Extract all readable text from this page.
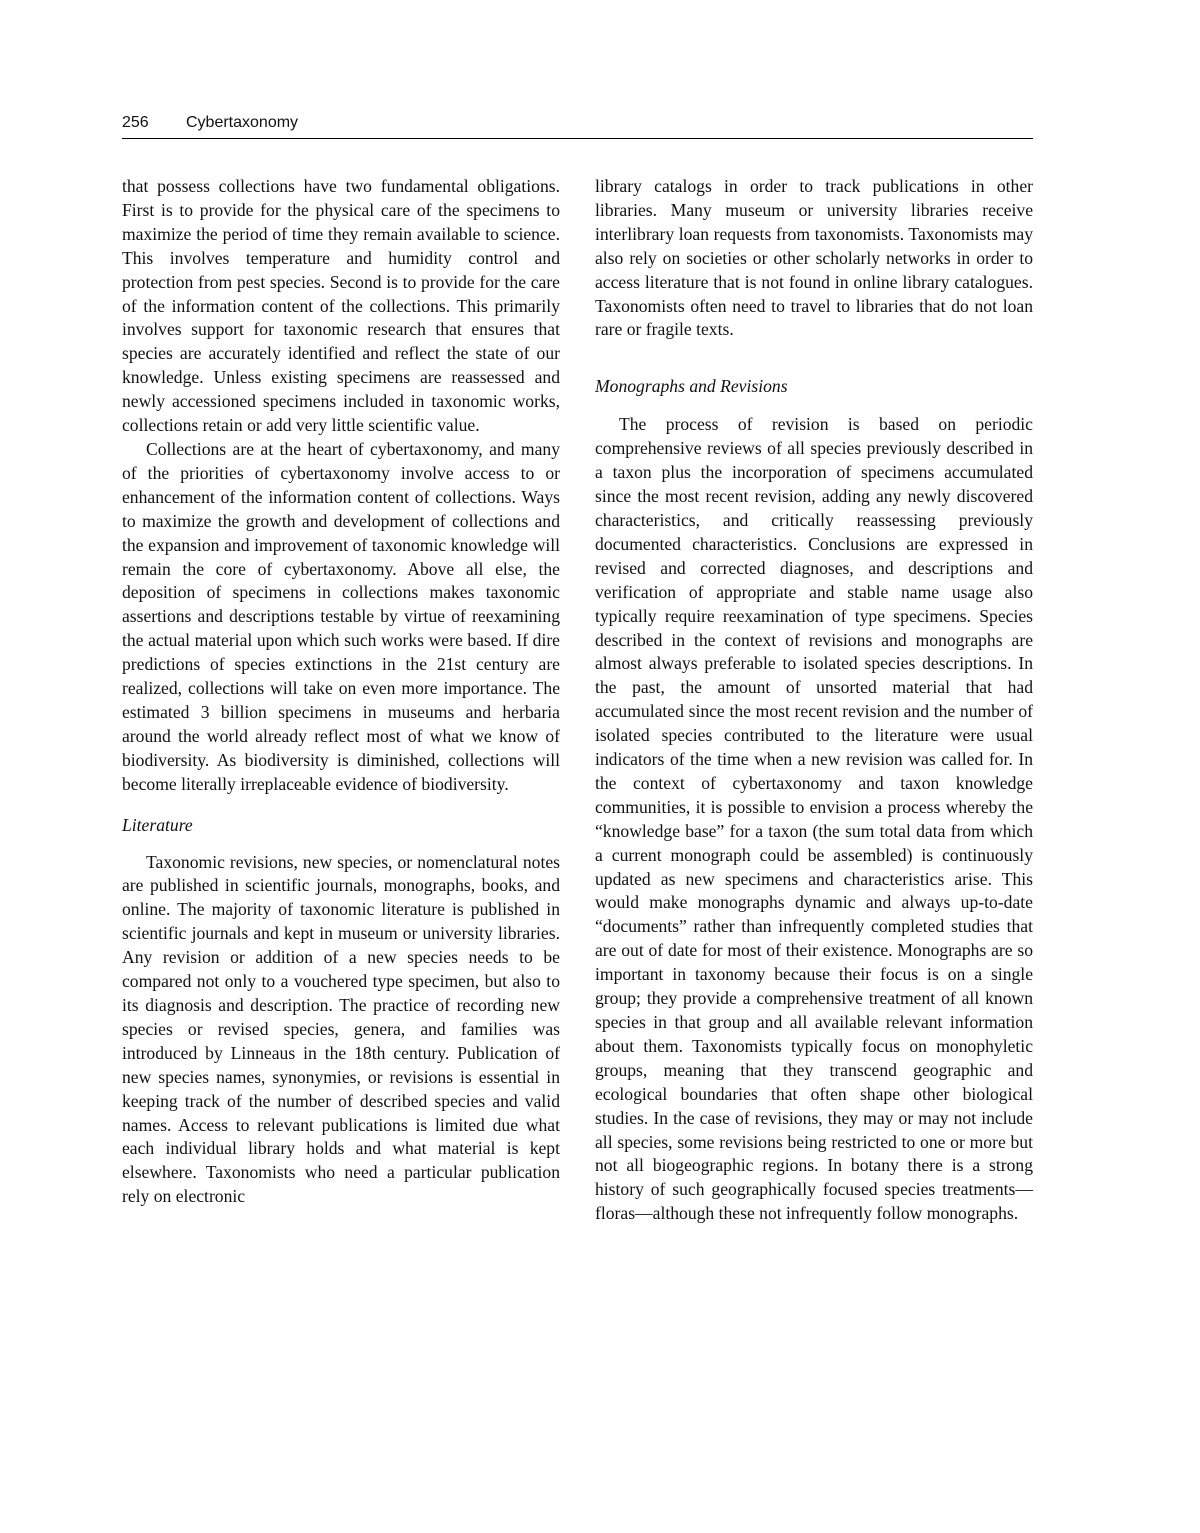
256	Cybertaxonomy

that possess collections have two fundamental obligations. First is to provide for the physical care of the specimens to maximize the period of time they remain available to science. This involves temperature and humidity control and protection from pest species. Second is to provide for the care of the information content of the collections. This primarily involves support for taxonomic research that ensures that species are accurately identified and reflect the state of our knowledge. Unless existing specimens are reassessed and newly accessioned specimens included in taxonomic works, collections retain or add very little scientific value.

Collections are at the heart of cybertaxonomy, and many of the priorities of cybertaxonomy involve access to or enhancement of the information content of collections. Ways to maximize the growth and development of collections and the expansion and improvement of taxonomic knowledge will remain the core of cybertaxonomy. Above all else, the deposition of specimens in collections makes taxonomic assertions and descriptions testable by virtue of reexamining the actual material upon which such works were based. If dire predictions of species extinctions in the 21st century are realized, collections will take on even more importance. The estimated 3 billion specimens in museums and herbaria around the world already reflect most of what we know of biodiversity. As biodiversity is diminished, collections will become literally irreplaceable evidence of biodiversity.

Literature

Taxonomic revisions, new species, or nomenclatural notes are published in scientific journals, monographs, books, and online. The majority of taxonomic literature is published in scientific journals and kept in museum or university libraries. Any revision or addition of a new species needs to be compared not only to a vouchered type specimen, but also to its diagnosis and description. The practice of recording new species or revised species, genera, and families was introduced by Linneaus in the 18th century. Publication of new species names, synonymies, or revisions is essential in keeping track of the number of described species and valid names. Access to relevant publications is limited due what each individual library holds and what material is kept elsewhere. Taxonomists who need a particular publication rely on electronic

library catalogs in order to track publications in other libraries. Many museum or university libraries receive interlibrary loan requests from taxonomists. Taxonomists may also rely on societies or other scholarly networks in order to access literature that is not found in online library catalogues. Taxonomists often need to travel to libraries that do not loan rare or fragile texts.

Monographs and Revisions

The process of revision is based on periodic comprehensive reviews of all species previously described in a taxon plus the incorporation of specimens accumulated since the most recent revision, adding any newly discovered characteristics, and critically reassessing previously documented characteristics. Conclusions are expressed in revised and corrected diagnoses, and descriptions and verification of appropriate and stable name usage also typically require reexamination of type specimens. Species described in the context of revisions and monographs are almost always preferable to isolated species descriptions. In the past, the amount of unsorted material that had accumulated since the most recent revision and the number of isolated species contributed to the literature were usual indicators of the time when a new revision was called for. In the context of cybertaxonomy and taxon knowledge communities, it is possible to envision a process whereby the “knowledge base” for a taxon (the sum total data from which a current monograph could be assembled) is continuously updated as new specimens and characteristics arise. This would make monographs dynamic and always up-to-date “documents” rather than infrequently completed studies that are out of date for most of their existence. Monographs are so important in taxonomy because their focus is on a single group; they provide a comprehensive treatment of all known species in that group and all available relevant information about them. Taxonomists typically focus on monophyletic groups, meaning that they transcend geographic and ecological boundaries that often shape other biological studies. In the case of revisions, they may or may not include all species, some revisions being restricted to one or more but not all biogeographic regions. In botany there is a strong history of such geographically focused species treatments—floras—although these not infrequently follow monographs.
